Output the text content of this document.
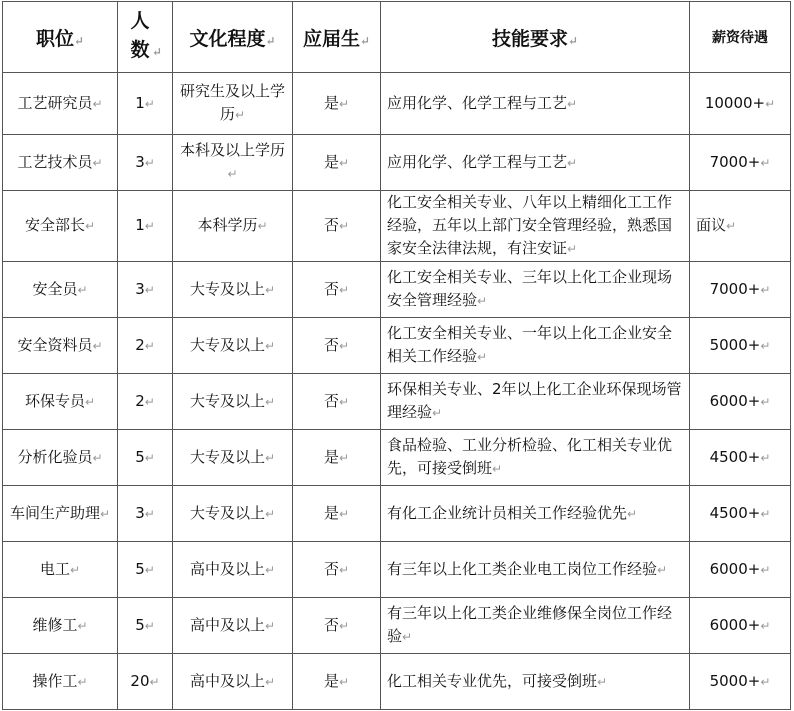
职位↵	人数 ↵	文化程度↵	应届生↵	技能要求↵	薪资待遇
工艺研究员↵	1↵	研究生及以上学历↵	是↵	应用化学、化学工程与工艺↵	10000+↵
工艺技术员↵	3↵	本科及以上学历↵	是↵	应用化学、化学工程与工艺↵	7000+↵
安全部长↵	1↵	本科学历↵	否↵	化工安全相关专业、八年以上精细化工工作经验，五年以上部门安全管理经验，熟悉国家安全法律法规，有注安证↵	面议↵
安全员↵	3↵	大专及以上↵	否↵	化工安全相关专业、三年以上化工企业现场安全管理经验↵	7000+↵
安全资料员↵	2↵	大专及以上↵	否↵	化工安全相关专业、一年以上化工企业安全相关工作经验↵	5000+↵
环保专员↵	2↵	大专及以上↵	否↵	环保相关专业、2年以上化工企业环保现场管理经验↵	6000+↵
分析化验员↵	5↵	大专及以上↵	是↵	食品检验、工业分析检验、化工相关专业优先，可接受倒班↵	4500+↵
车间生产助理↵	3↵	大专及以上↵	是↵	有化工企业统计员相关工作经验优先↵	4500+↵
电工↵	5↵	高中及以上↵	否↵	有三年以上化工类企业电工岗位工作经验↵	6000+↵
维修工↵	5↵	高中及以上↵	否↵	有三年以上化工类企业维修保全岗位工作经验↵	6000+↵
操作工↵	20↵	高中及以上↵	是↵	化工相关专业优先，可接受倒班↵	5000+↵
